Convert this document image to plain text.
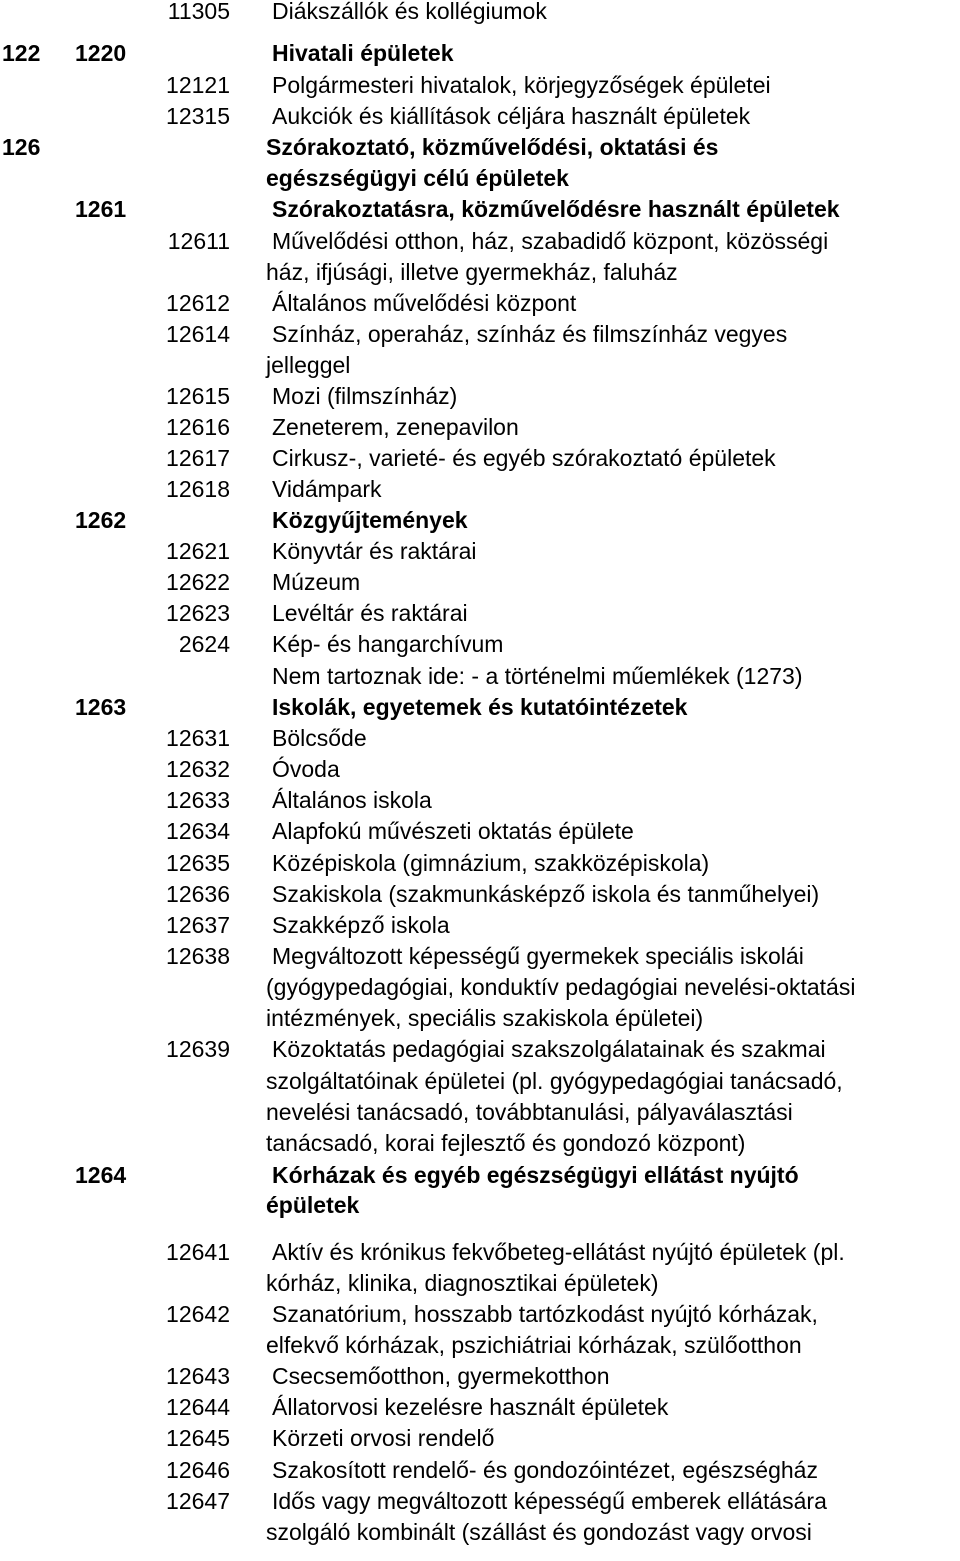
11305 Diákszállók és kollégiumok
122 1220	Hivatali épületek
12121 Polgármesteri hivatalok, körjegyzőségek épületei
12315 Aukciók és kiállítások céljára használt épületek
126	Szórakoztató, közművelődési, oktatási és
egészségügyi célú épületek
1261	Szórakoztatásra, közművelődésre használt épületek
12611 Művelődési otthon, ház, szabadidő központ, közösségi
ház, ifjúsági, illetve gyermekház, faluház
12612 Általános művelődési központ
12614 Színház, operaház, színház és filmszínház vegyes
jelleggel
12615 Mozi (filmszínház)
12616 Zeneterem, zenepavilon
12617 Cirkusz-, varieté- és egyéb szórakoztató épületek
12618 Vidámpark
1262	Közgyűjtemények
12621 Könyvtár és raktárai
12622 Múzeum
12623 Levéltár és raktárai
2624 Kép- és hangarchívum
Nem tartoznak ide: - a történelmi műemlékek (1273)
1263	Iskolák, egyetemek és kutatóintézetek
12631 Bölcsőde
12632 Óvoda
12633 Általános iskola
12634 Alapfokú művészeti oktatás épülete
12635 Középiskola (gimnázium, szakközépiskola)
12636 Szakiskola (szakmunkásképző iskola és tanműhelyei)
12637 Szakképző iskola
12638 Megváltozott képességű gyermekek speciális iskolái
(gyógypedagógiai, konduktív pedagógiai nevelési-oktatási
intézmények, speciális szakiskola épületei)
12639 Közoktatás pedagógiai szakszolgálatainak és szakmai
szolgáltatóinak épületei (pl. gyógypedagógiai tanácsadó,
nevelési tanácsadó, továbbtanulási, pályaválasztási
tanácsadó, korai fejlesztő és gondozó központ)
1264	Kórházak és egyéb egészségügyi ellátást nyújtó
épületek
12641 Aktív és krónikus fekvőbeteg-ellátást nyújtó épületek (pl.
kórház, klinika, diagnosztikai épületek)
12642 Szanatórium, hosszabb tartózkodást nyújtó kórházak,
elfekvő kórházak, pszichiátriai kórházak, szülőotthon
12643 Csecsemőotthon, gyermekotthon
12644 Állatorvosi kezelésre használt épületek
12645 Körzeti orvosi rendelő
12646 Szakosított rendelő- és gondozóintézet, egészségház
12647 Idős vagy megváltozott képességű emberek ellátására
szolgáló kombinált (szállást és gondozást vagy orvosi
